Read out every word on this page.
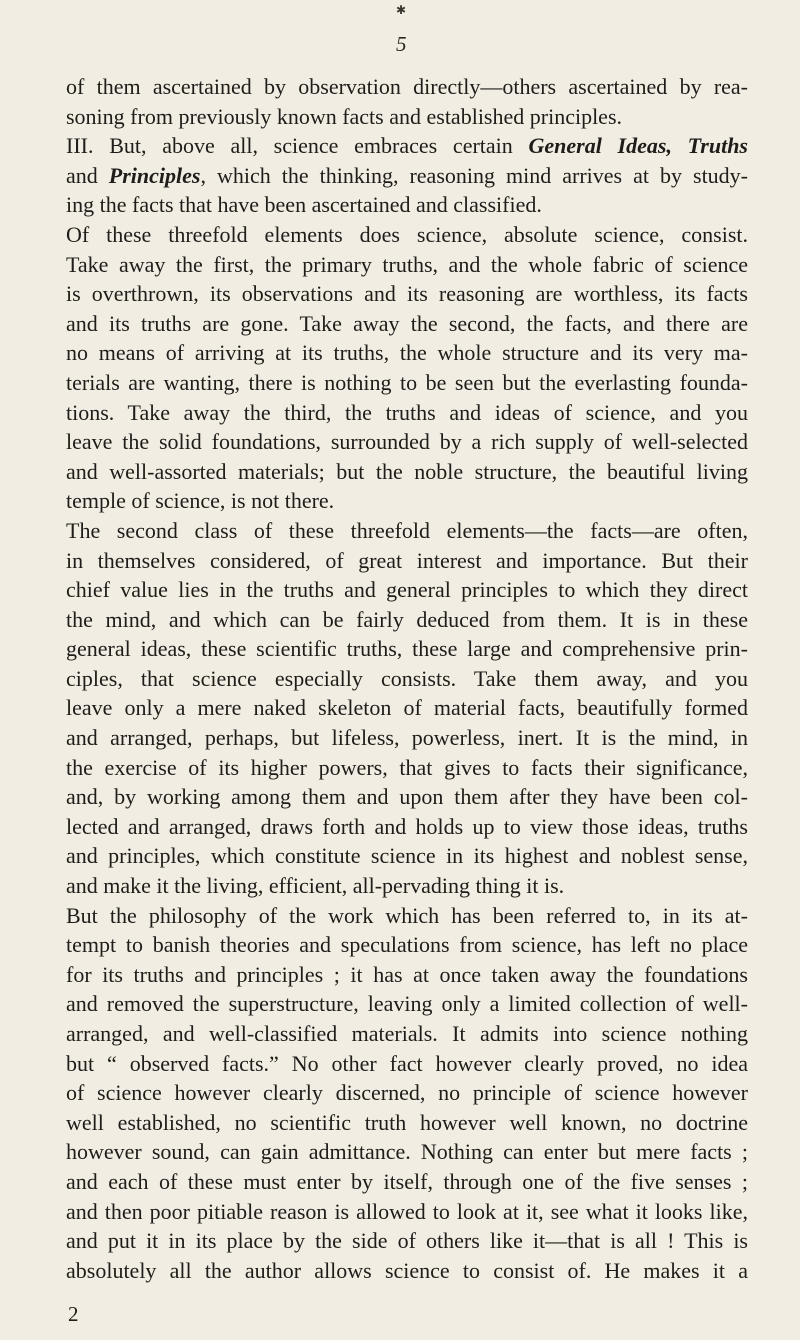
✱
5
of them ascertained by observation directly—others ascertained by rea-
soning from previously known facts and established principles.
III. But, above all, science embraces certain General Ideas, Truths
and Principles, which the thinking, reasoning mind arrives at by study-
ing the facts that have been ascertained and classified.
Of these threefold elements does science, absolute science, consist.
Take away the first, the primary truths, and the whole fabric of science
is overthrown, its observations and its reasoning are worthless, its facts
and its truths are gone. Take away the second, the facts, and there are
no means of arriving at its truths, the whole structure and its very ma-
terials are wanting, there is nothing to be seen but the everlasting founda-
tions. Take away the third, the truths and ideas of science, and you
leave the solid foundations, surrounded by a rich supply of well-selected
and well-assorted materials; but the noble structure, the beautiful living
temple of science, is not there.
The second class of these threefold elements—the facts—are often,
in themselves considered, of great interest and importance. But their
chief value lies in the truths and general principles to which they direct
the mind, and which can be fairly deduced from them. It is in these
general ideas, these scientific truths, these large and comprehensive prin-
ciples, that science especially consists. Take them away, and you
leave only a mere naked skeleton of material facts, beautifully formed
and arranged, perhaps, but lifeless, powerless, inert. It is the mind, in
the exercise of its higher powers, that gives to facts their significance,
and, by working among them and upon them after they have been col-
lected and arranged, draws forth and holds up to view those ideas, truths
and principles, which constitute science in its highest and noblest sense,
and make it the living, efficient, all-pervading thing it is.
But the philosophy of the work which has been referred to, in its at-
tempt to banish theories and speculations from science, has left no place
for its truths and principles ; it has at once taken away the foundations
and removed the superstructure, leaving only a limited collection of well-
arranged, and well-classified materials. It admits into science nothing
but “ observed facts.” No other fact however clearly proved, no idea
of science however clearly discerned, no principle of science however
well established, no scientific truth however well known, no doctrine
however sound, can gain admittance. Nothing can enter but mere facts ;
and each of these must enter by itself, through one of the five senses ;
and then poor pitiable reason is allowed to look at it, see what it looks like,
and put it in its place by the side of others like it—that is all ! This is
absolutely all the author allows science to consist of. He makes it a
2
